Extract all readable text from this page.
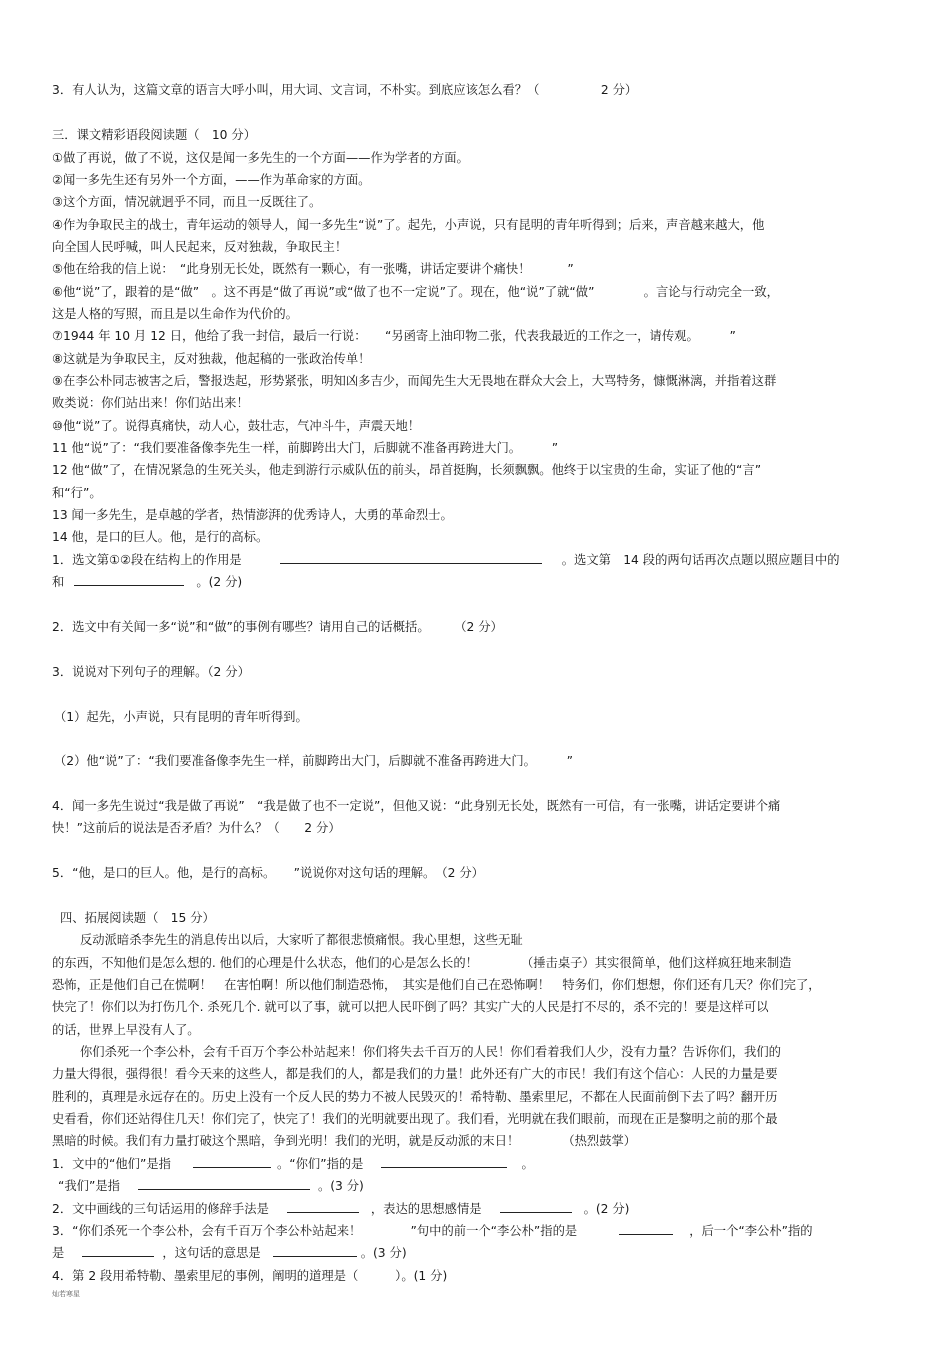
3．有人认为，这篇文章的语言大呼小叫，用大词、文言词，不朴实。到底应该怎么看？（　　　　　2 分）
三．课文精彩语段阅读题（　10 分）
①做了再说，做了不说，这仅是闻一多先生的一个方面——作为学者的方面。
②闻一多先生还有另外一个方面，——作为革命家的方面。
③这个方面，情况就迥乎不同，而且一反既往了。
④作为争取民主的战士，青年运动的领导人，闻一多先生“说”了。起先，小声说，只有昆明的青年听得到；后来，声音越来越大，他
向全国人民呼喊，叫人民起来，反对独裁，争取民主！
⑤他在给我的信上说：　“此身别无长处，既然有一颗心，有一张嘴，讲话定要讲个痛快！　　　”
⑥他“说”了，跟着的是“做”　。这不再是“做了再说”或“做了也不一定说”了。现在，他“说”了就“做”　　　　。言论与行动完全一致，
这是人格的写照，而且是以生命作为代价的。
⑦1944 年 10 月 12 日，他给了我一封信，最后一行说：　　“另函寄上油印物二张，代表我最近的工作之一，请传观。　　　”
⑧这就是为争取民主，反对独裁，他起稿的一张政治传单！
⑨在李公朴同志被害之后，警报迭起，形势紧张，明知凶多吉少，而闻先生大无畏地在群众大会上，大骂特务，慷慨淋漓，并指着这群
败类说：你们站出来！你们站出来！
⑩他“说”了。说得真痛快，动人心，鼓壮志，气冲斗牛，声震天地！
11 他“说”了：“我们要准备像李先生一样，前脚跨出大门，后脚就不准备再跨进大门。　　　”
12 他“做”了，在情况紧急的生死关头，他走到游行示威队伍的前头，昂首挺胸，长须飘飘。他终于以宝贵的生命，实证了他的“言”
和“行”。
13 闻一多先生，是卓越的学者，热情澎湃的优秀诗人，大勇的革命烈士。
14 他，是口的巨人。他，是行的高标。
1．选文第①②段在结构上的作用是	。选文第　14 段的两句话再次点题以照应题目中的
和	。(2 分)
2．选文中有关闻一多“说”和“做”的事例有哪些？请用自己的话概括。　　　（2 分）
3．说说对下列句子的理解。（2 分）
（1）起先，小声说，只有昆明的青年听得到。
（2）他“说”了：“我们要准备像李先生一样，前脚跨出大门，后脚就不准备再跨进大门。　　　”
4．闻一多先生说过“我是做了再说”　“我是做了也不一定说”，但他又说：“此身别无长处，既然有一可信，有一张嘴，讲话定要讲个痛
快！”这前后的说法是否矛盾？为什么？（　　2 分）
5．“他，是口的巨人。他，是行的高标。　　”说说你对这句话的理解。　（2 分）
四、拓展阅读题（　15 分）
反动派暗杀李先生的消息传出以后，大家听了都很悲愤痛恨。我心里想，这些无耻
的东西，不知他们是怎么想的. 他们的心理是什么状态，他们的心是怎么长的！　　　　（捶击桌子）其实很简单，他们这样疯狂地来制造
恐怖，正是他们自己在慌啊！　在害怕啊！所以他们制造恐怖，　其实是他们自己在恐怖啊！　特务们，你们想想，你们还有几天？你们完了，
快完了！你们以为打伤几个. 杀死几个. 就可以了事，就可以把人民吓倒了吗？其实广大的人民是打不尽的，杀不完的！要是这样可以
的话，世界上早没有人了。
你们杀死一个李公朴，会有千百万个李公朴站起来！你们将失去千百万的人民！你们看着我们人少，没有力量？告诉你们，我们的
力量大得很，强得很！看今天来的这些人，都是我们的人，都是我们的力量！此外还有广大的市民！我们有这个信心：人民的力量是要
胜利的，真理是永远存在的。历史上没有一个反人民的势力不被人民毁灭的！希特勒、墨索里尼，不都在人民面前倒下去了吗？翻开历
史看看，你们还站得住几天！你们完了，快完了！我们的光明就要出现了。我们看，光明就在我们眼前，而现在正是黎明之前的那个最
黑暗的时候。我们有力量打破这个黑暗，争到光明！我们的光明，就是反动派的末日！　　　　（热烈鼓掌）
1．文中的“他们”是指	。“你们”指的是	。
“我们”是指	。(3 分)
2．文中画线的三句话运用的修辞手法是	，表达的思想感情是	。(2 分)
3．“你们杀死一个李公朴，会有千百万个李公朴站起来！　　　　”句中的前一个“李公朴”指的是	，后一个“李公朴”指的
是	，这句话的意思是	。(3 分)
4．第 2 段用希特勒、墨索里尼的事例，阐明的道理是（　　　）。(1 分)
灿若寒星
